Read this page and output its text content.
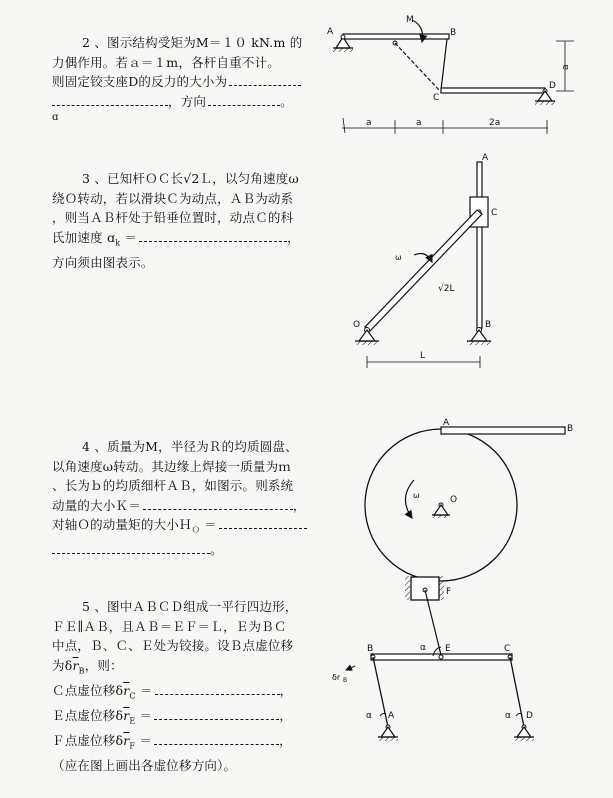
2 、图示结构受矩为M＝１０ kN.m 的
力偶作用。若ａ＝１m，各杆自重不计。
则固定铰支座D的反力的大小为
，方向	。
ɑ
3 、已知杆ＯＣ长√2Ｌ，以匀角速度ω
绕Ｏ转动，若以滑块Ｃ为动点，ＡＢ为动系
，则当ＡＢ杆处于铅垂位置时，动点Ｃ的科
氏加速度 ɑ$_k$ ＝	，
方向须由图表示。
4 、质量为M，半径为Ｒ的均质圆盘、
以角速度ω转动。其边缘上焊接一质量为ｍ
、长为ｂ的均质细杆ＡＢ，如图示。则系统
动量的大小Ｋ＝	，
对轴Ｏ的动量矩的大小Ｈ$_O$ ＝
。
5 、图中ＡＢＣＤ组成一平行四边形，
ＦＥ∥ＡＢ，且ＡＢ＝ＥＦ＝Ｌ，Ｅ为ＢＣ
中点，Ｂ、Ｃ、Ｅ处为铰接。设Ｂ点虚位移
为$\delta\overline{r}_B$，则：
Ｃ点虚位移$\delta\overline{r}_C$ ＝	，
Ｅ点虚位移$\delta\overline{r}_E$ ＝	，
Ｆ点虚位移$\delta\overline{r}_F$ ＝	，
（应在图上画出各虚位移方向）。
A
M
B
C
D
a
a	a	2a
A
C
ω
√2L
O	B
L
A
B
ω	O
F
B	α E	C
δr B
α A	α D
